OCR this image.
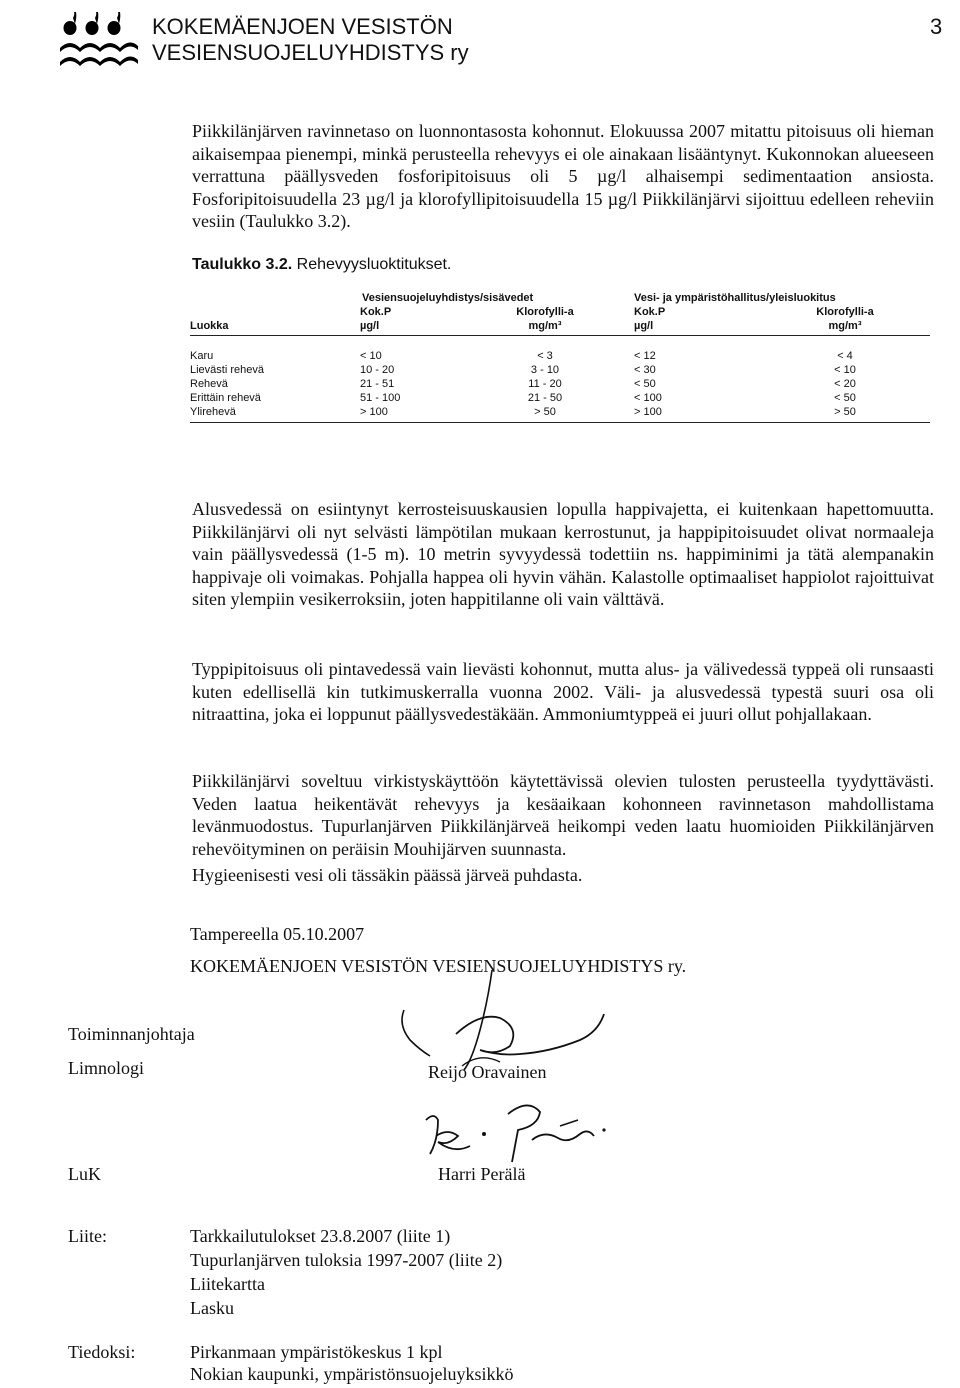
KOKEMÄENJOEN VESISTÖN
VESIENSUOJELUYHDISTYS ry
3

Piikkilänjärven ravinnetaso on luonnontasosta kohonnut. Elokuussa 2007 mitattu pitoisuus oli hieman aikaisempaa pienempi, minkä perusteella rehevyys ei ole ainakaan lisääntynyt. Kukonnokan alueeseen verrattuna päällysveden fosforipitoisuus oli 5 µg/l alhaisempi sedimentaation ansiosta. Fosforipitoisuudella 23 µg/l ja klorofyllipitoisuudella 15 µg/l Piikkilänjärvi sijoittuu edelleen reheviin vesiin (Taulukko 3.2).

Taulukko 3.2. Rehevyysluoktitukset.
	Vesiensuojeluyhdistys/sisävedet		Vesi- ja ympäristöhallitus/yleisluokitus	
	Kok.P	Klorofylli-a	Kok.P	Klorofylli-a
Luokka	µg/l	mg/m³	µg/l	mg/m³
Karu	< 10	< 3	< 12	< 4
Lievästi rehevä	10 - 20	3 - 10	< 30	< 10
Rehevä	21 - 51	11 - 20	< 50	< 20
Erittäin rehevä	51 - 100	21 - 50	< 100	< 50
Ylirehevä	> 100	> 50	> 100	> 50

Alusvedessä on esiintynyt kerrosteisuuskausien lopulla happivajetta, ei kuitenkaan hapettomuutta. Piikkilänjärvi oli nyt selvästi lämpötilan mukaan kerrostunut, ja happipitoisuudet olivat normaaleja vain päällysvedessä (1-5 m). 10 metrin syvyydessä todettiin ns. happiminimi ja tätä alempanakin happivaje oli voimakas. Pohjalla happea oli hyvin vähän. Kalastolle optimaaliset happiolot rajoittuivat siten ylempiin vesikerroksiin, joten happitilanne oli vain välttävä.

Typpipitoisuus oli pintavedessä vain lievästi kohonnut, mutta alus- ja välivedessä typpeä oli runsaasti kuten edellisellä kin tutkimuskerralla vuonna 2002. Väli- ja alusvedessä typestä suuri osa oli nitraattina, joka ei loppunut päällysvedestäkään. Ammoniumtyppeä ei juuri ollut pohjallakaan.

Piikkilänjärvi soveltuu virkistyskäyttöön käytettävissä olevien tulosten perusteella tyydyttävästi. Veden laatua heikentävät rehevyys ja kesäaikaan kohonneen ravinnetason mahdollistama levänmuodostus. Tupurlanjärven Piikkilänjärveä heikompi veden laatu huomioiden Piikkilänjärven rehevöityminen on peräisin Mouhijärven suunnasta.

Hygieenisesti vesi oli tässäkin päässä järveä puhdasta.

Tampereella 05.10.2007
KOKEMÄENJOEN VESISTÖN VESIENSUOJELUYHDISTYS ry.
Toiminnanjohtaja
Limnologi	Reijo Oravainen
LuK	Harri Perälä
Liite:	Tarkkailutulokset 23.8.2007 (liite 1)
Tupurlanjärven tuloksia 1997-2007 (liite 2)
Liitekartta
Lasku
Tiedoksi:	Pirkanmaan ympäristökeskus 1 kpl
Nokian kaupunki, ympäristönsuojeluyksikkö
